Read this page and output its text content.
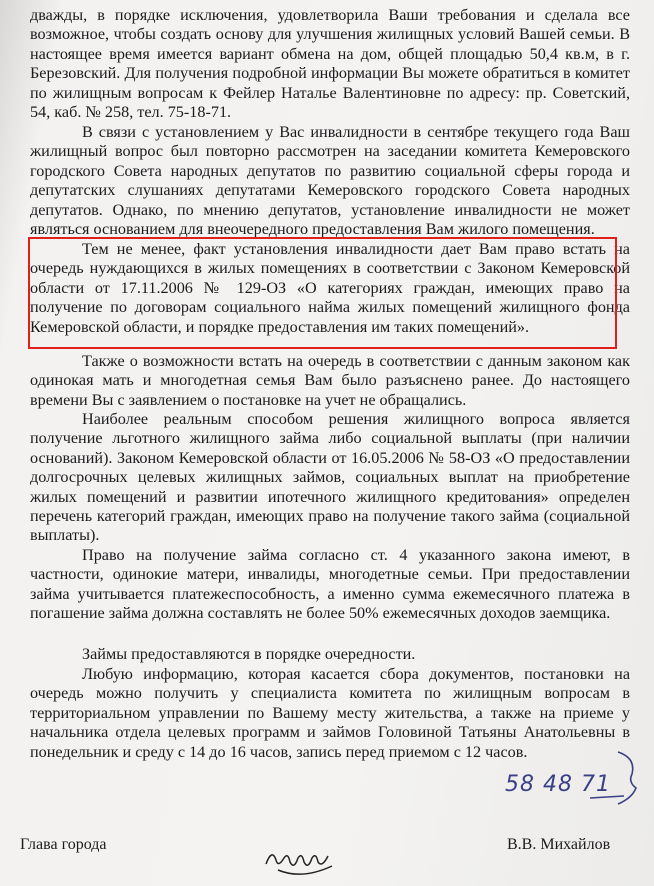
дважды, в порядке исключения, удовлетворила Ваши требования и сделала все возможное, чтобы создать основу для улучшения жилищных условий Вашей семьи. В настоящее время имеется вариант обмена на дом, общей площадью 50,4 кв.м, в г. Березовский. Для получения подробной информации Вы можете обратиться в комитет по жилищным вопросам к Фейлер Наталье Валентиновне по адресу: пр. Советский, 54, каб. № 258, тел. 75-18-71.

В связи с установлением у Вас инвалидности в сентябре текущего года Ваш жилищный вопрос был повторно рассмотрен на заседании комитета Кемеровского городского Совета народных депутатов по развитию социальной сферы города и депутатских слушаниях депутатами Кемеровского городского Совета народных депутатов. Однако, по мнению депутатов, установление инвалидности не может являться основанием для внеочередного предоставления Вам жилого помещения.

Тем не менее, факт установления инвалидности дает Вам право встать на очередь нуждающихся в жилых помещениях в соответствии с Законом Кемеровской области от 17.11.2006 № 129-ОЗ «О категориях граждан, имеющих право на получение по договорам социального найма жилых помещений жилищного фонда Кемеровской области, и порядке предоставления им таких помещений».

Также о возможности встать на очередь в соответствии с данным законом как одинокая мать и многодетная семья Вам было разъяснено ранее. До настоящего времени Вы с заявлением о постановке на учет не обращались.

Наиболее реальным способом решения жилищного вопроса является получение льготного жилищного займа либо социальной выплаты (при наличии оснований). Законом Кемеровской области от 16.05.2006 № 58-ОЗ «О предоставлении долгосрочных целевых жилищных займов, социальных выплат на приобретение жилых помещений и развитии ипотечного жилищного кредитования» определен перечень категорий граждан, имеющих право на получение такого займа (социальной выплаты).

Право на получение займа согласно ст. 4 указанного закона имеют, в частности, одинокие матери, инвалиды, многодетные семьи. При предоставлении займа учитывается платежеспособность, а именно сумма ежемесячного платежа в погашение займа должна составлять не более 50% ежемесячных доходов заемщика.

Займы предоставляются в порядке очередности.

Любую информацию, которая касается сбора документов, постановки на очередь можно получить у специалиста комитета по жилищным вопросам в территориальном управлении по Вашему месту жительства, а также на приеме у начальника отдела целевых программ и займов Головиной Татьяны Анатольевны в понедельник и среду с 14 до 16 часов, запись перед приемом с 12 часов.

58 48 71
Глава города	В.В. Михайлов
